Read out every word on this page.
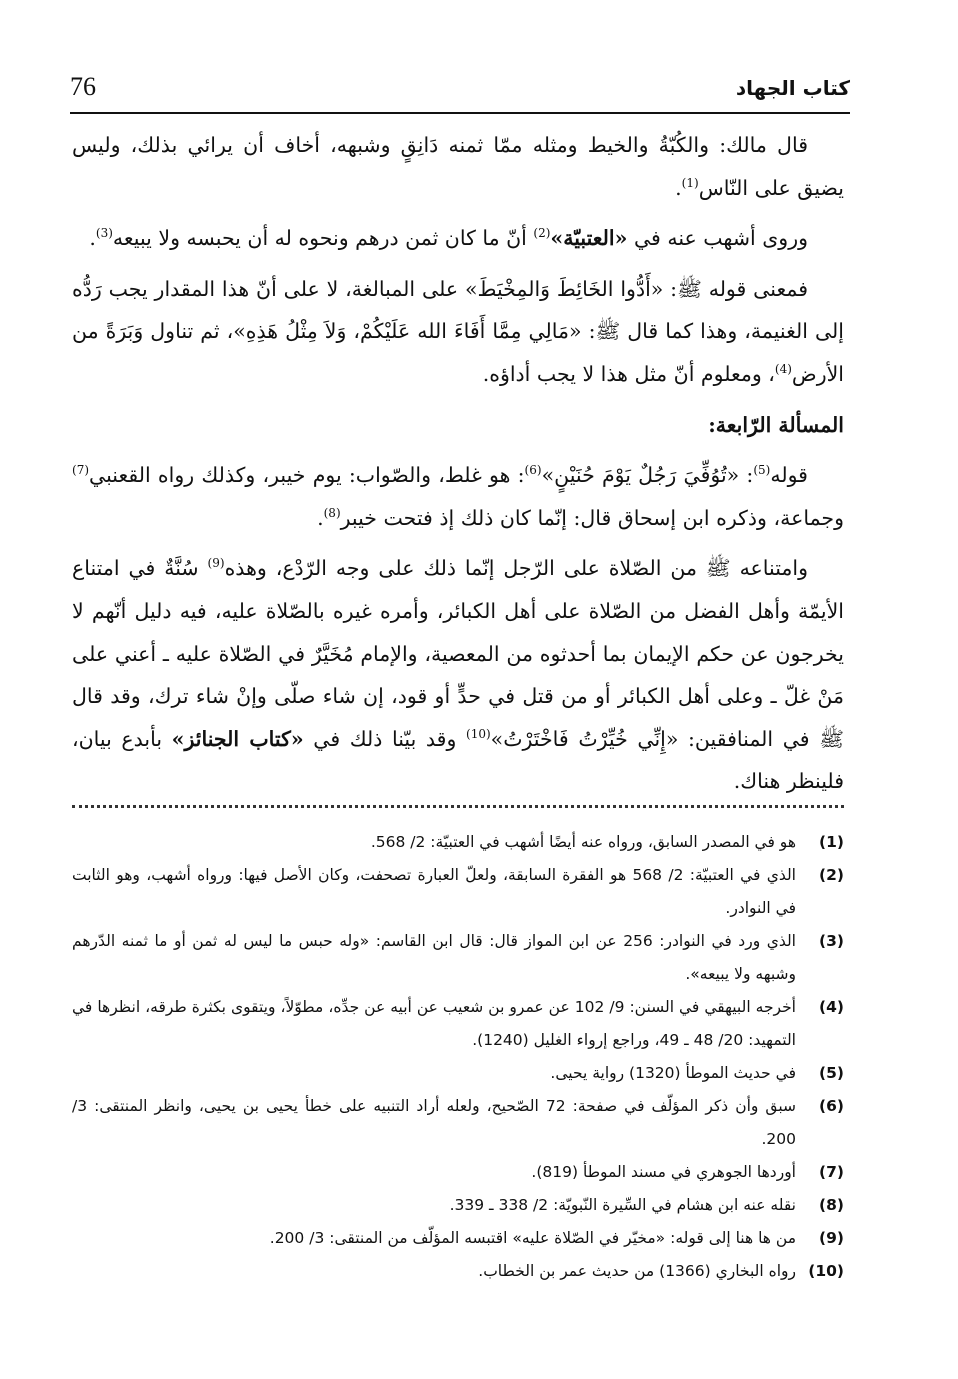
كتاب الجهاد
76

قال مالك: والكُبّةُ والخيط ومثله ممّا ثمنه دَانِقٍ وشبهه، أخاف أن يرائي بذلك، وليس يضيق على النّاس$^{(1)}$.

وروى أشهب عنه في «العتبيّة»$^{(2)}$ أنّ ما كان ثمن درهم ونحوه له أن يحبسه ولا يبيعه$^{(3)}$.

فمعنى قوله ﷺ: «أَدُّوا الخَائِطَ وَالمِخْيَطَ» على المبالغة، لا على أنّ هذا المقدار يجب رَدُّه إلى الغنيمة، وهذا كما قال ﷺ: «مَالِي مِمَّا أَفَاءَ الله عَلَيْكُمْ، وَلاَ مِثْلُ هَذِهِ»، ثم تناول وَبَرَةً من الأرض$^{(4)}$، ومعلوم أنّ مثل هذا لا يجب أداؤه.

المسألة الرّابعة:

قوله$^{(5)}$: «تُوُفِّيَ رَجُلٌ يَوْمَ حُنَيْنٍ»$^{(6)}$: هو غلط، والصّواب: يوم خيبر، وكذلك رواه القعنبي$^{(7)}$ وجماعة، وذكره ابن إسحاق قال: إنّما كان ذلك إذ فتحت خيبر$^{(8)}$.

وامتناعه ﷺ من الصّلاة على الرّجل إنّما ذلك على وجه الرّدْع، وهذه$^{(9)}$ سُنَّةٌ في امتناع الأيمّة وأهل الفضل من الصّلاة على أهل الكبائر، وأمره غيره بالصّلاة عليه، فيه دليل أنّهم لا يخرجون عن حكم الإيمان بما أحدثوه من المعصية، والإمام مُخَيَّرٌ في الصّلاة عليه ـ أعني على مَنْ غلّ ـ وعلى أهل الكبائر أو من قتل في حدٍّ أو قود، إن شاء صلّى وإنْ شاء ترك، وقد قال ﷺ في المنافقين: «إِنِّي خُيِّرْتُ فَاخْتَرْتُ»$^{(10)}$ وقد بيّنا ذلك في «كتاب الجنائز» بأبدع بيان، فلينظر هناك.

(1)
هو في المصدر السابق، ورواه عنه أيضًا أشهب في العتبيّة: 2/ 568.
(2)
الذي في العتبيّة: 2/ 568 هو الفقرة السابقة، ولعلّ العبارة تصحفت، وكان الأصل فيها: ورواه أشهب، وهو الثابت في النوادر.
(3)
الذي ورد في النوادر: 256 عن ابن المواز قال: قال ابن القاسم: «وله حبس ما ليس له ثمن أو ما ثمنه الدّرهم وشبهه ولا يبيعه».
(4)
أخرجه البيهقي في السنن: 9/ 102 عن عمرو بن شعيب عن أبيه عن جدِّه، مطوّلاً، ويتقوى بكثرة طرقه، انظرها في التمهيد: 20/ 48 ـ 49، وراجع إرواء الغليل (1240).
(5)
في حديث الموطأ (1320) رواية يحيى.
(6)
سبق وأن ذكر المؤلّف في صفحة: 72 الصّحيح، ولعله أراد التنبيه على خطأ يحيى بن يحيى، وانظر المنتقى: 3/ 200.
(7)
أوردها الجوهري في مسند الموطأ (819).
(8)
نقله عنه ابن هشام في السِّيرة النّبويّة: 2/ 338 ـ 339.
(9)
من ها هنا إلى قوله: «مخيّر في الصّلاة عليه» اقتبسه المؤلّف من المنتقى: 3/ 200.
(10)
رواه البخاري (1366) من حديث عمر بن الخطاب.
